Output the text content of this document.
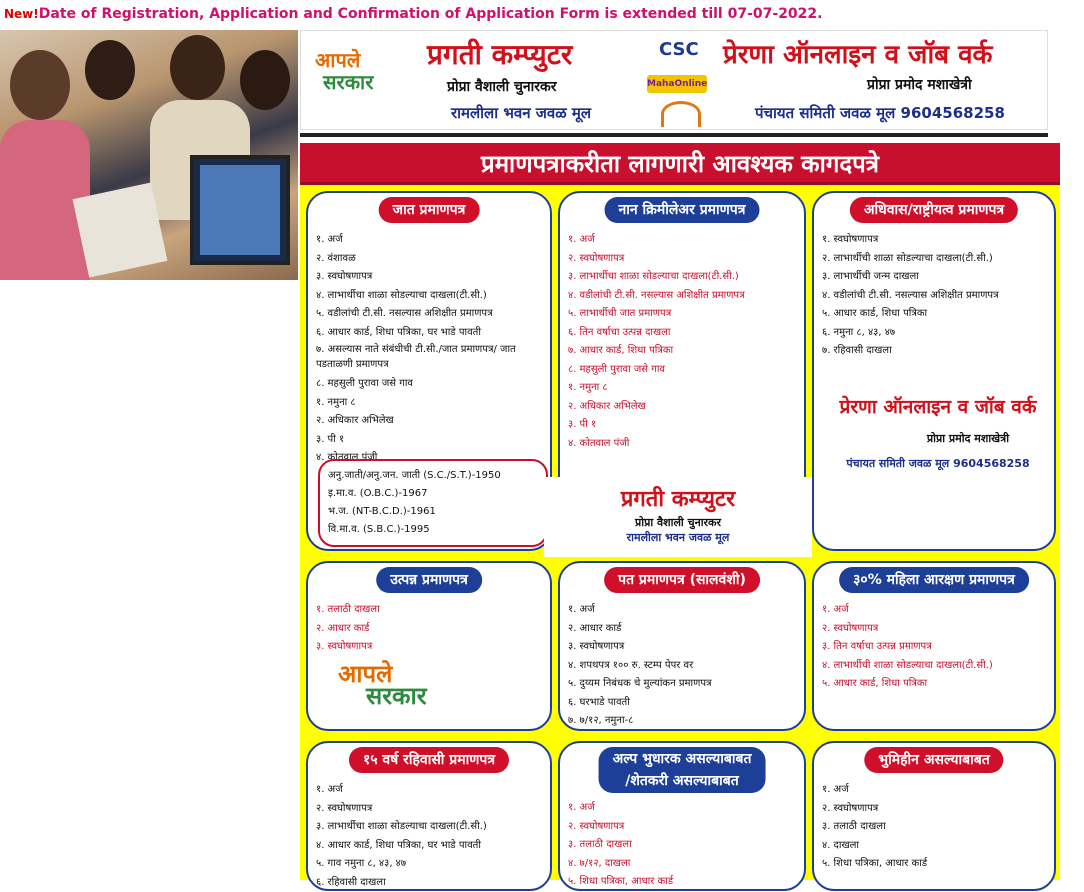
New!Date of Registration, Application and Confirmation of Application Form is extended till 07-07-2022.
आपले
सरकार
प्रगती कम्प्युटर
प्रोप्रा वैशाली चुनारकर
रामलीला भवन जवळ मूल
CSC
MahaOnline
प्रेरणा ऑनलाइन व जॉब वर्क
प्रोप्रा प्रमोद मशाखेत्री
पंचायत समिती जवळ मूल 9604568258
प्रमाणपत्राकरीता लागणारी आवश्यक कागदपत्रे
जात प्रमाणपत्र
१. अर्ज
२. वंशावळ
३. स्वघोषणापत्र
४. लाभार्थीचा शाळा सोडल्याचा दाखला(टी.सी.)
५. वडीलांची टी.सी. नसल्यास अशिक्षीत प्रमाणपत्र
६. आधार कार्ड, शिधा पत्रिका, घर भाडे पावती
७. असल्यास नाते संबंधीची टी.सी./जात प्रमाणपत्र/ जात पडताळणी प्रमाणपत्र
८. महसुली पुरावा जसे गाव
१. नमुना ८
२. अधिकार अभिलेख
३. पी १
४. कोतवाल पंजी
अनु.जाती/अनु.जन. जाती (S.C./S.T.)-1950
इ.मा.व. (O.B.C.)-1967
भ.ज. (NT-B.C.D.)-1961
वि.मा.व. (S.B.C.)-1995
नान क्रिमीलेअर प्रमाणपत्र
१. अर्ज
२. स्वघोषणापत्र
३. लाभार्थीचा शाळा सोडल्याचा दाखला(टी.सी.)
४. वडीलांची टी.सी. नसल्यास अशिक्षीत प्रमाणपत्र
५. लाभार्थीची जात प्रमाणपत्र
६. तिन वर्षाचा उत्पन्न दाखला
७. आधार कार्ड, शिधा पत्रिका
८. महसुली पुरावा जसे गाव
१. नमुना ८
२. अधिकार अभिलेख
३. पी १
४. कोतवाल पंजी
अधिवास/राष्ट्रीयत्व प्रमाणपत्र
१. स्वघोषणापत्र
२. लाभार्थीची शाळा सोडल्याचा दाखला(टी.सी.)
३. लाभार्थीची जन्म दाखला
४. वडीलांची टी.सी. नसल्यास अशिक्षीत प्रमाणपत्र
५. आधार कार्ड, शिधा पत्रिका
६. नमुना ८, ४३, ४७
७. रहिवासी दाखला
प्रेरणा ऑनलाइन व जॉब वर्क
प्रोप्रा प्रमोद मशाखेत्री
पंचायत समिती जवळ मूल 9604568258
प्रगती कम्प्युटर
प्रोप्रा वैशाली चुनारकर
रामलीला भवन जवळ मूल
उत्पन्न प्रमाणपत्र
१. तलाठी दाखला
२. आधार कार्ड
३. स्वघोषणापत्र
आपले
सरकार
पत प्रमाणपत्र (सालवंशी)
१. अर्ज
२. आधार कार्ड
३. स्वघोषणापत्र
४. शपथपत्र १०० रु. स्टम्प पेपर वर
५. दुय्यम निबंधक चे मुल्यांकन प्रमाणपत्र
६. घरभाडे पावती
७. ७/१२, नमुना-८
३०% महिला आरक्षण प्रमाणपत्र
१. अर्ज
२. स्वघोषणापत्र
३. तिन वर्षाचा उत्पन्न प्रमाणपत्र
४. लाभार्थीची शाळा सोडल्याचा दाखला(टी.सी.)
५. आधार कार्ड, शिधा पत्रिका
१५ वर्ष रहिवासी प्रमाणपत्र
१. अर्ज
२. स्वघोषणापत्र
३. लाभार्थीचा शाळा सोडल्याचा दाखला(टी.सी.)
४. आधार कार्ड, शिधा पत्रिका, घर भाडे पावती
५. गाव नमुना ८, ४३, ४७
६. रहिवासी दाखला
अल्प भुधारक असल्याबाबत
/शेतकरी असल्याबाबत
१. अर्ज
२. स्वघोषणापत्र
३. तलाठी दाखला
४. ७/१२, दाखला
५. शिधा पत्रिका, आधार कार्ड
भुमिहीन असल्याबाबत
१. अर्ज
२. स्वघोषणापत्र
३. तलाठी दाखला
४. दाखला
५. शिधा पत्रिका, आधार कार्ड
